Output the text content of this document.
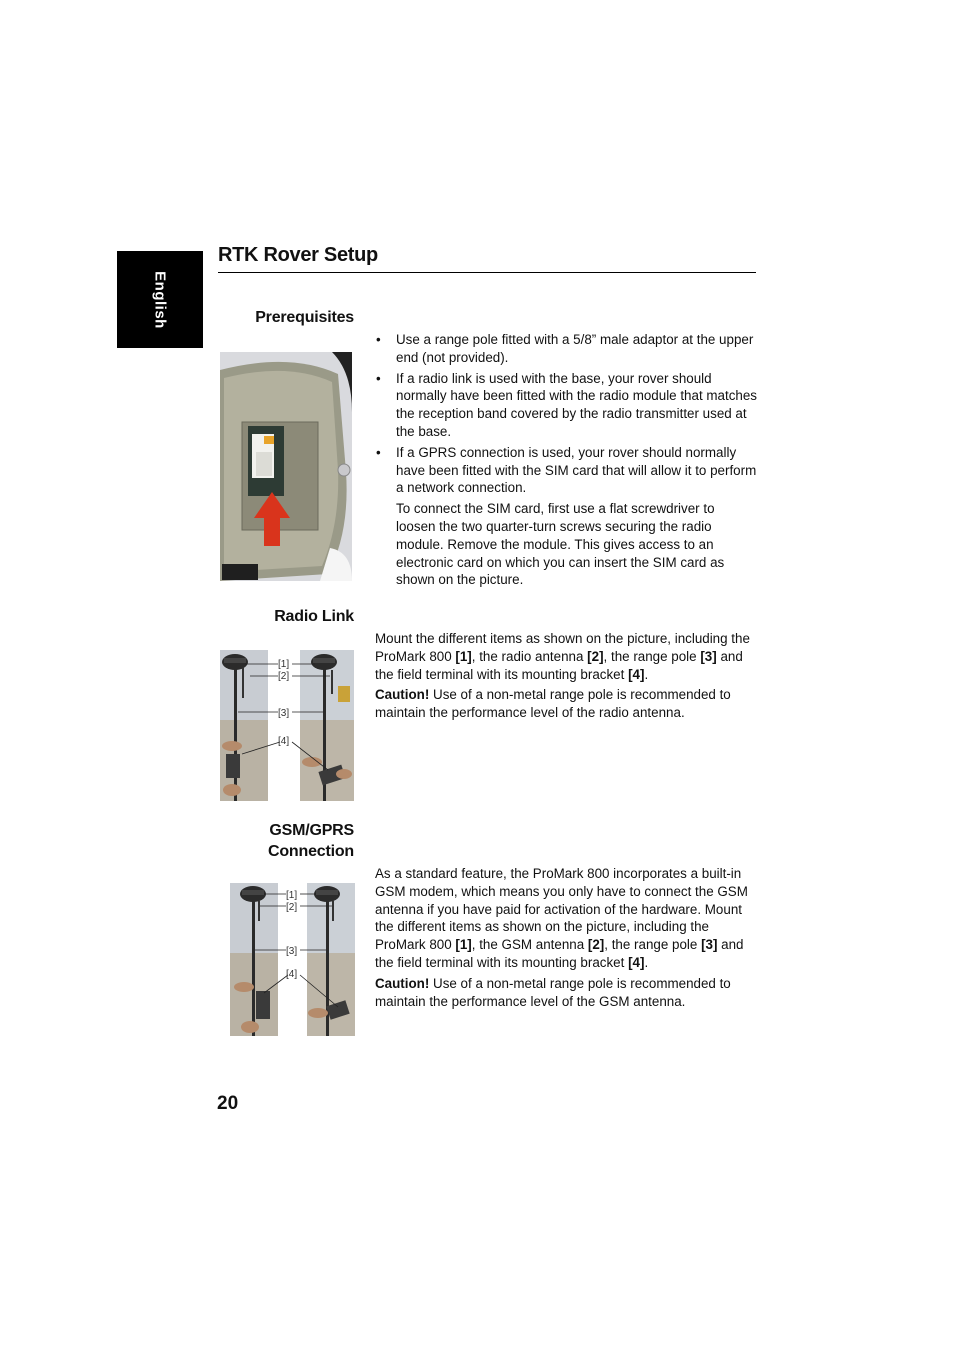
English
RTK Rover Setup
Prerequisites
• Use a range pole fitted with a 5/8” male adaptor at the upper end (not provided).
• If a radio link is used with the base, your rover should normally have been fitted with the radio module that matches the reception band covered by the radio transmitter used at the base.
• If a GPRS connection is used, your rover should normally have been fitted with the SIM card that will allow it to perform a network connection.

To connect the SIM card, first use a flat screwdriver to loosen the two quarter-turn screws securing the radio module. Remove the module. This gives access to an electronic card on which you can insert the SIM card as shown on the picture.

Radio Link
[1]
[2]
[3]
[4]

Mount the different items as shown on the picture, including the ProMark 800 [1], the radio antenna [2], the range pole [3] and the field terminal with its mounting bracket [4].

Caution! Use of a non-metal range pole is recommended to maintain the performance level of the radio antenna.

GSM/GPRS
Connection
[1]
[2]
[3]
[4]

As a standard feature, the ProMark 800 incorporates a built-in GSM modem, which means you only have to connect the GSM antenna if you have paid for activation of the hardware. Mount the different items as shown on the picture, including the ProMark 800 [1], the GSM antenna [2], the range pole [3] and the field terminal with its mounting bracket [4].

Caution! Use of a non-metal range pole is recommended to maintain the performance level of the GSM antenna.

20
